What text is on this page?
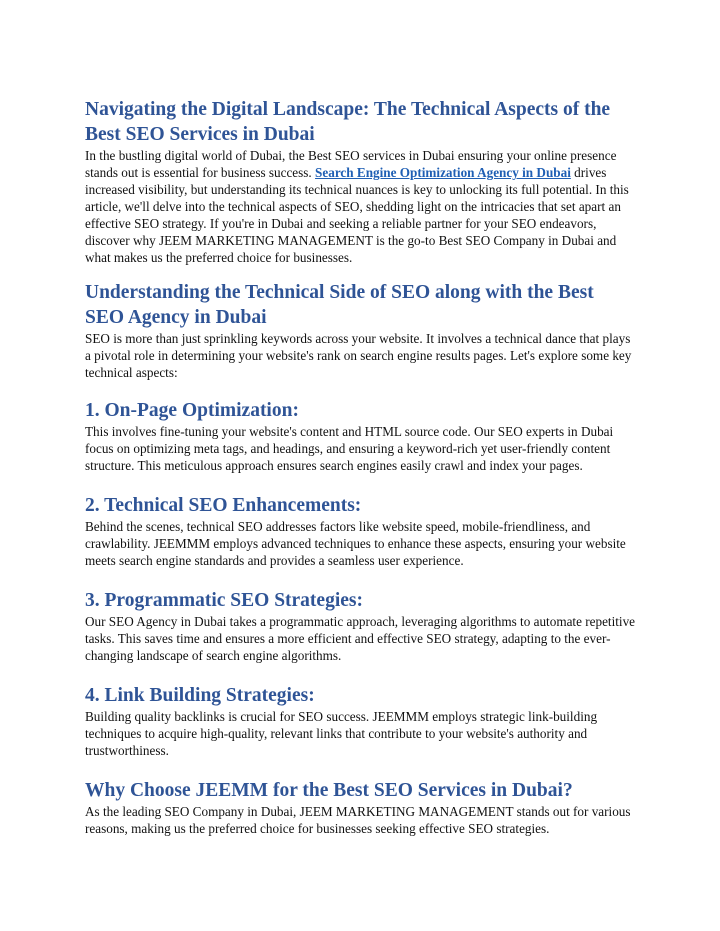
Navigating the Digital Landscape: The Technical Aspects of the Best SEO Services in Dubai

In the bustling digital world of Dubai, the Best SEO services in Dubai ensuring your online presence stands out is essential for business success. Search Engine Optimization Agency in Dubai drives increased visibility, but understanding its technical nuances is key to unlocking its full potential. In this article, we'll delve into the technical aspects of SEO, shedding light on the intricacies that set apart an effective SEO strategy. If you're in Dubai and seeking a reliable partner for your SEO endeavors, discover why JEEM MARKETING MANAGEMENT is the go-to Best SEO Company in Dubai and what makes us the preferred choice for businesses.

Understanding the Technical Side of SEO along with the Best SEO Agency in Dubai

SEO is more than just sprinkling keywords across your website. It involves a technical dance that plays a pivotal role in determining your website's rank on search engine results pages. Let's explore some key technical aspects:

1. On-Page Optimization:

This involves fine-tuning your website's content and HTML source code. Our SEO experts in Dubai focus on optimizing meta tags, and headings, and ensuring a keyword-rich yet user-friendly content structure. This meticulous approach ensures search engines easily crawl and index your pages.

2. Technical SEO Enhancements:

Behind the scenes, technical SEO addresses factors like website speed, mobile-friendliness, and crawlability. JEEMMM employs advanced techniques to enhance these aspects, ensuring your website meets search engine standards and provides a seamless user experience.

3. Programmatic SEO Strategies:

Our SEO Agency in Dubai takes a programmatic approach, leveraging algorithms to automate repetitive tasks. This saves time and ensures a more efficient and effective SEO strategy, adapting to the ever-changing landscape of search engine algorithms.

4. Link Building Strategies:

Building quality backlinks is crucial for SEO success. JEEMMM employs strategic link-building techniques to acquire high-quality, relevant links that contribute to your website's authority and trustworthiness.

Why Choose JEEMM for the Best SEO Services in Dubai?

As the leading SEO Company in Dubai, JEEM MARKETING MANAGEMENT stands out for various reasons, making us the preferred choice for businesses seeking effective SEO strategies.
